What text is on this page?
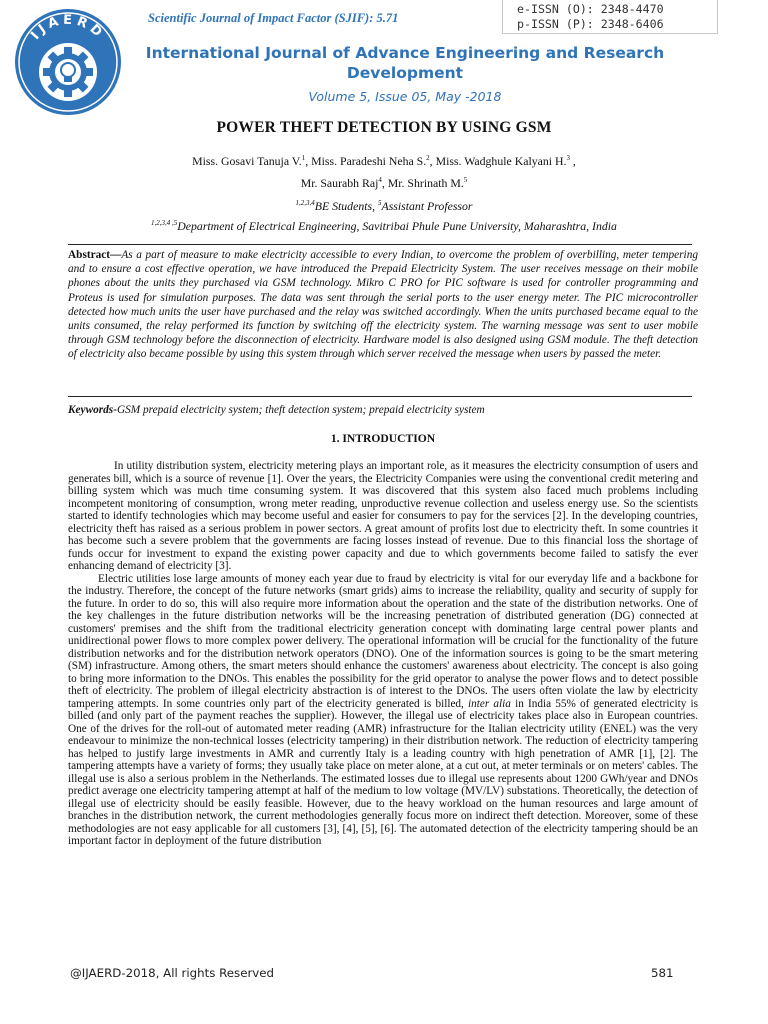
IJAERD
Scientific Journal of Impact Factor (SJIF): 5.71
e-ISSN (O): 2348-4470
p-ISSN (P): 2348-6406
International Journal of Advance Engineering and Research
Development
Volume 5, Issue 05, May -2018
POWER THEFT DETECTION BY USING GSM
Miss. Gosavi Tanuja V.$^1$, Miss. Paradeshi Neha S.$^2$, Miss. Wadghule Kalyani H.$^3$ ,
Mr. Saurabh Raj$^4$, Mr. Shrinath M.$^5$
$^{1,2,3,4}$BE Students, $^5$Assistant Professor
$^{1,2,3,4 ,5}$Department of Electrical Engineering, Savitribai Phule Pune University, Maharashtra, India
Abstract—As a part of measure to make electricity accessible to every Indian, to overcome the problem of overbilling, meter tempering and to ensure a cost effective operation, we have introduced the Prepaid Electricity System. The user receives message on their mobile phones about the units they purchased via GSM technology. Mikro C PRO for PIC software is used for controller programming and Proteus is used for simulation purposes. The data was sent through the serial ports to the user energy meter. The PIC microcontroller detected how much units the user have purchased and the relay was switched accordingly. When the units purchased became equal to the units consumed, the relay performed its function by switching off the electricity system. The warning message was sent to user mobile through GSM technology before the disconnection of electricity. Hardware model is also designed using GSM module. The theft detection of electricity also became possible by using this system through which server received the message when users by passed the meter.
Keywords-GSM prepaid electricity system; theft detection system; prepaid electricity system
1. INTRODUCTION

In utility distribution system, electricity metering plays an important role, as it measures the electricity consumption of users and generates bill, which is a source of revenue [1]. Over the years, the Electricity Companies were using the conventional credit metering and billing system which was much time consuming system. It was discovered that this system also faced much problems including incompetent monitoring of consumption, wrong meter reading, unproductive revenue collection and useless energy use. So the scientists started to identify technologies which may become useful and easier for consumers to pay for the services [2]. In the developing countries, electricity theft has raised as a serious problem in power sectors. A great amount of profits lost due to electricity theft. In some countries it has become such a severe problem that the governments are facing losses instead of revenue. Due to this financial loss the shortage of funds occur for investment to expand the existing power capacity and due to which governments become failed to satisfy the ever enhancing demand of electricity [3].

Electric utilities lose large amounts of money each year due to fraud by electricity is vital for our everyday life and a backbone for the industry. Therefore, the concept of the future networks (smart grids) aims to increase the reliability, quality and security of supply for the future. In order to do so, this will also require more information about the operation and the state of the distribution networks. One of the key challenges in the future distribution networks will be the increasing penetration of distributed generation (DG) connected at customers' premises and the shift from the traditional electricity generation concept with dominating large central power plants and unidirectional power flows to more complex power delivery. The operational information will be crucial for the functionality of the future distribution networks and for the distribution network operators (DNO). One of the information sources is going to be the smart metering (SM) infrastructure. Among others, the smart meters should enhance the customers' awareness about electricity. The concept is also going to bring more information to the DNOs. This enables the possibility for the grid operator to analyse the power flows and to detect possible theft of electricity. The problem of illegal electricity abstraction is of interest to the DNOs. The users often violate the law by electricity tampering attempts. In some countries only part of the electricity generated is billed, inter alia in India 55% of generated electricity is billed (and only part of the payment reaches the supplier). However, the illegal use of electricity takes place also in European countries. One of the drives for the roll-out of automated meter reading (AMR) infrastructure for the Italian electricity utility (ENEL) was the very endeavour to minimize the non-technical losses (electricity tampering) in their distribution network. The reduction of electricity tampering has helped to justify large investments in AMR and currently Italy is a leading country with high penetration of AMR [1], [2]. The tampering attempts have a variety of forms; they usually take place on meter alone, at a cut out, at meter terminals or on meters' cables. The illegal use is also a serious problem in the Netherlands. The estimated losses due to illegal use represents about 1200 GWh/year and DNOs predict average one electricity tampering attempt at half of the medium to low voltage (MV/LV) substations. Theoretically, the detection of illegal use of electricity should be easily feasible. However, due to the heavy workload on the human resources and large amount of branches in the distribution network, the current methodologies generally focus more on indirect theft detection. Moreover, some of these methodologies are not easy applicable for all customers [3], [4], [5], [6]. The automated detection of the electricity tampering should be an important factor in deployment of the future distribution

@IJAERD-2018, All rights Reserved	581
